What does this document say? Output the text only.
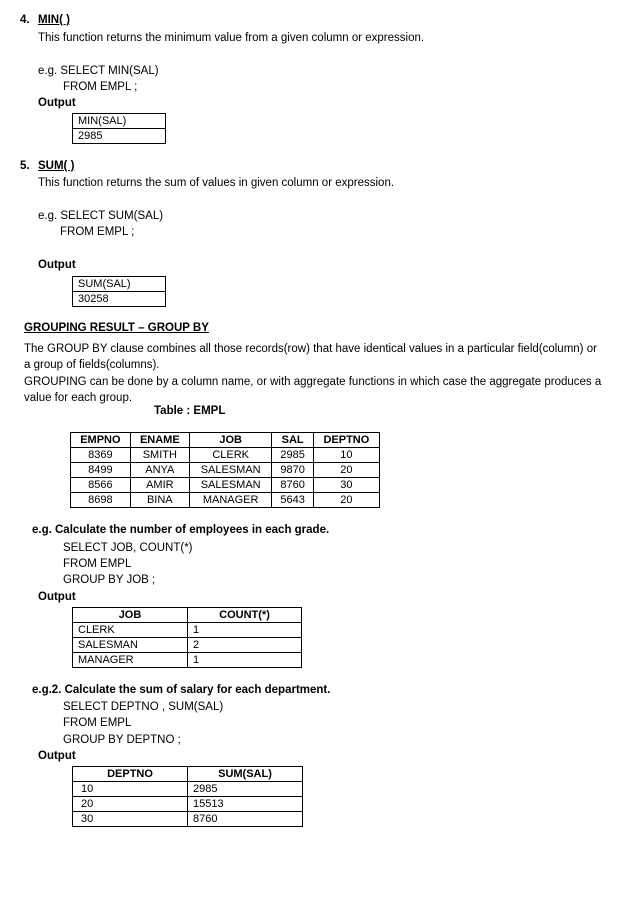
4. MIN( )
This function returns the minimum value from a given column or expression.
e.g. SELECT MIN(SAL)
FROM EMPL ;
Output
MIN(SAL)
2985
5. SUM( )
This function returns the sum of values in given column or expression.
e.g. SELECT SUM(SAL)
FROM EMPL ;
Output
SUM(SAL)
30258
GROUPING RESULT – GROUP BY
The GROUP BY clause combines all those records(row) that have identical values in a particular field(column) or a group of fields(columns).
GROUPING can be done by a column name, or with aggregate functions in which case the aggregate produces a value for each group.
Table : EMPL
EMPNO	ENAME	JOB	SAL	DEPTNO
8369	SMITH	CLERK	2985	10
8499	ANYA	SALESMAN	9870	20
8566	AMIR	SALESMAN	8760	30
8698	BINA	MANAGER	5643	20
e.g. Calculate the number of employees in each grade.
SELECT JOB, COUNT(*)
FROM EMPL
GROUP BY JOB ;
Output
JOB	COUNT(*)
CLERK	1
SALESMAN	2
MANAGER	1
e.g.2. Calculate the sum of salary for each department.
SELECT DEPTNO , SUM(SAL)
FROM EMPL
GROUP BY DEPTNO ;
Output
DEPTNO	SUM(SAL)
10	2985
20	15513
30	8760
